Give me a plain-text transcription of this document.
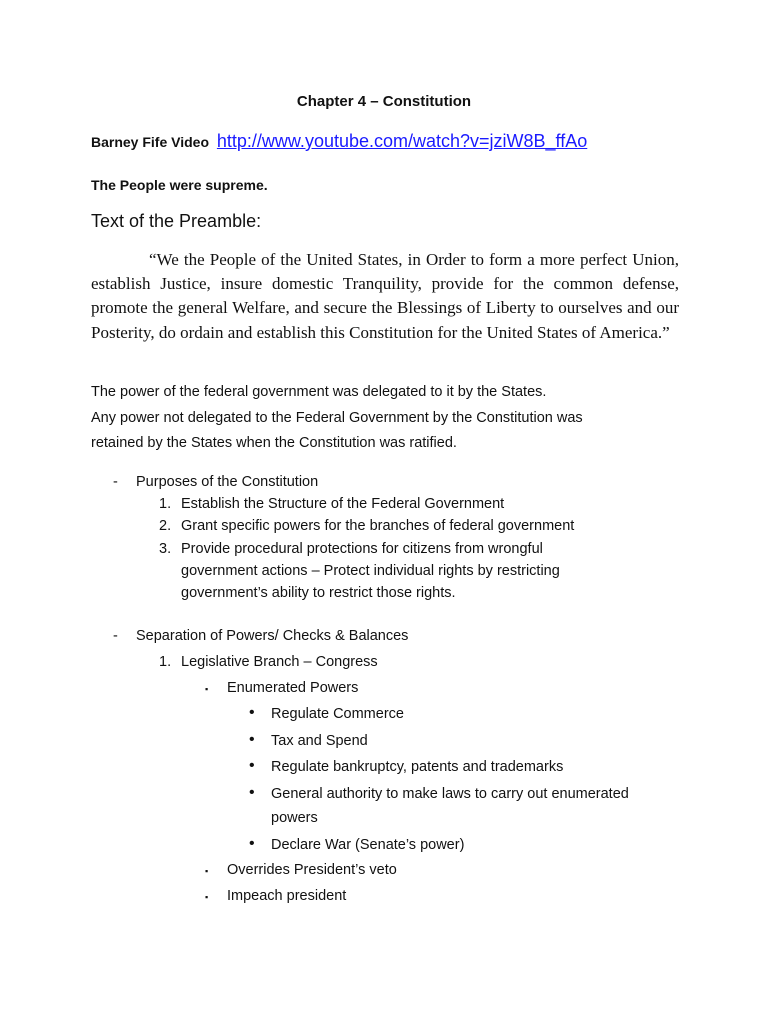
Chapter 4 – Constitution
Barney Fife Video http://www.youtube.com/watch?v=jziW8B_ffAo
The People were supreme.
Text of the Preamble:

“We the People of the United States, in Order to form a more perfect Union, establish Justice, insure domestic Tranquility, provide for the common defense, promote the general Welfare, and secure the Blessings of Liberty to ourselves and our Posterity, do ordain and establish this Constitution for the United States of America.”

The power of the federal government was delegated to it by the States.
Any power not delegated to the Federal Government by the Constitution was
retained by the States when the Constitution was ratified.
- Purposes of the Constitution
1. Establish the Structure of the Federal Government
2. Grant specific powers for the branches of federal government
3. Provide procedural protections for citizens from wrongful
government actions – Protect individual rights by restricting
government’s ability to restrict those rights.
- Separation of Powers/ Checks & Balances
1. Legislative Branch – Congress
▪ Enumerated Powers
• Regulate Commerce
• Tax and Spend
• Regulate bankruptcy, patents and trademarks
• General authority to make laws to carry out enumerated
powers
• Declare War (Senate’s power)
▪ Overrides President’s veto
▪ Impeach president
